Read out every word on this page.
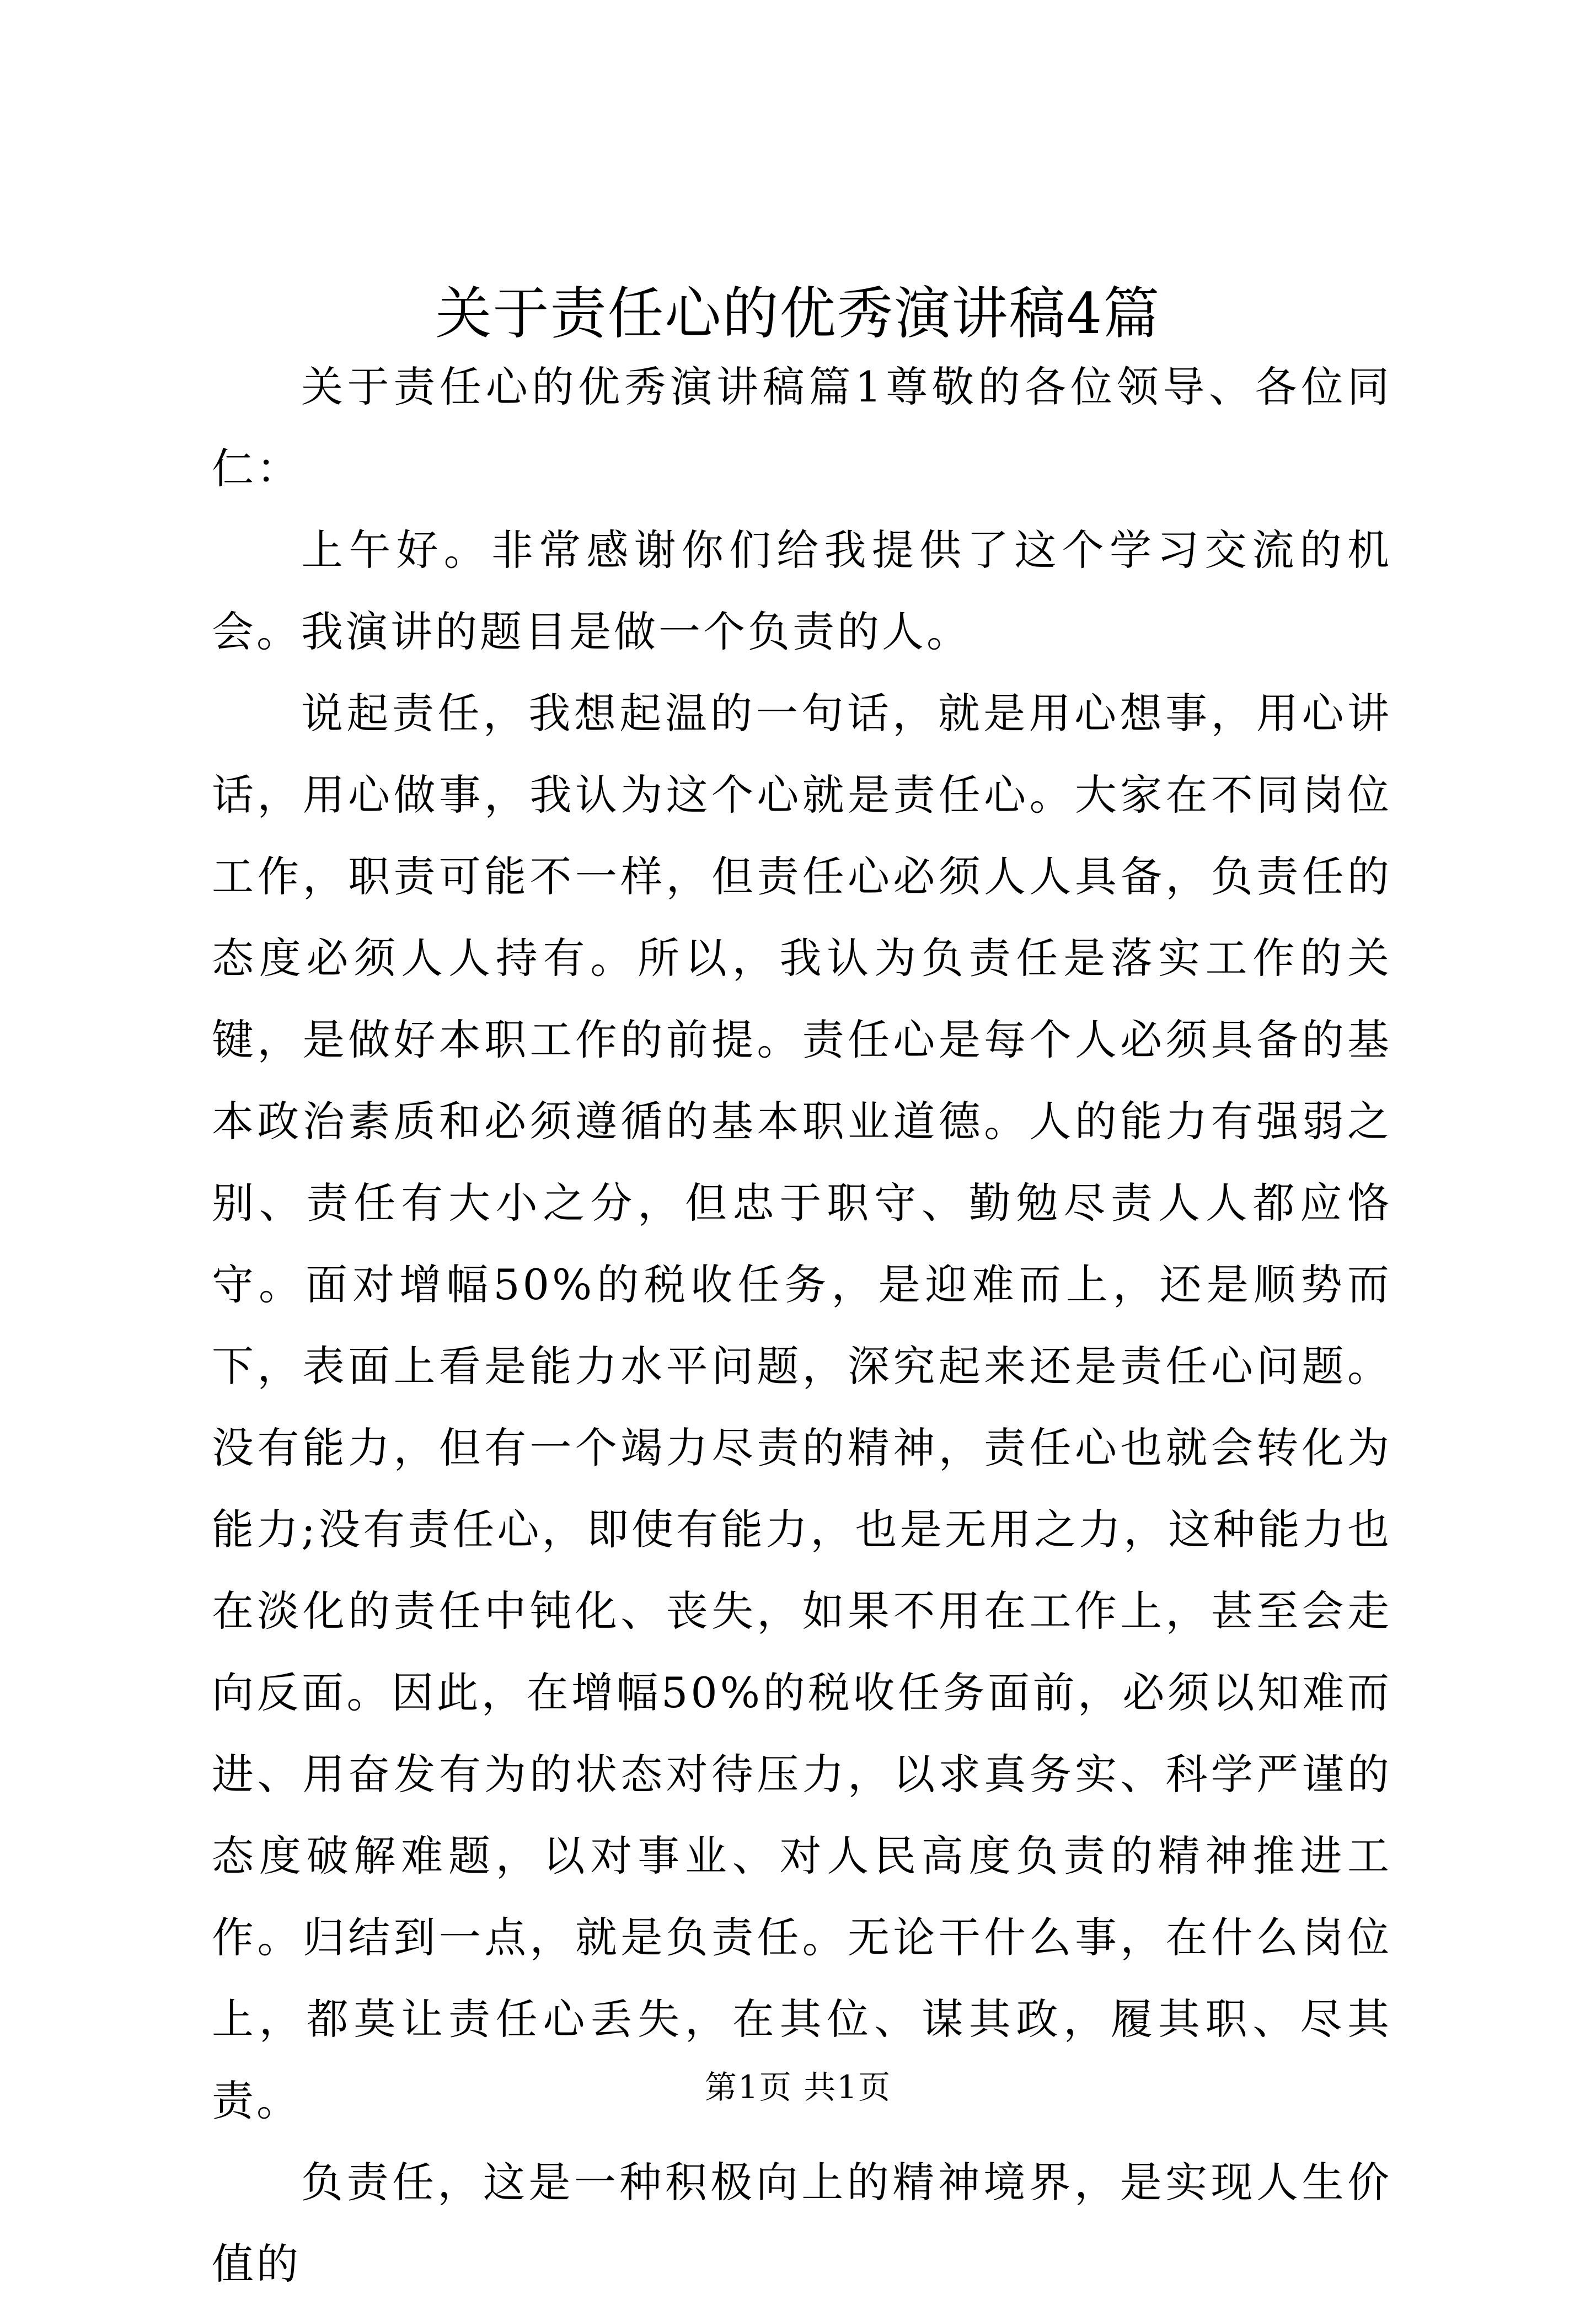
关于责任心的优秀演讲稿4篇

关于责任心的优秀演讲稿篇1尊敬的各位领导、各位同仁：

上午好。非常感谢你们给我提供了这个学习交流的机会。我演讲的题目是做一个负责的人。

说起责任，我想起温的一句话，就是用心想事，用心讲话，用心做事，我认为这个心就是责任心。大家在不同岗位工作，职责可能不一样，但责任心必须人人具备，负责任的态度必须人人持有。所以，我认为负责任是落实工作的关键，是做好本职工作的前提。责任心是每个人必须具备的基本政治素质和必须遵循的基本职业道德。人的能力有强弱之别、责任有大小之分，但忠于职守、勤勉尽责人人都应恪守。面对增幅50%的税收任务，是迎难而上，还是顺势而下，表面上看是能力水平问题，深究起来还是责任心问题。没有能力，但有一个竭力尽责的精神，责任心也就会转化为能力;没有责任心，即使有能力，也是无用之力，这种能力也在淡化的责任中钝化、丧失，如果不用在工作上，甚至会走向反面。因此，在增幅50%的税收任务面前，必须以知难而进、用奋发有为的状态对待压力，以求真务实、科学严谨的态度破解难题，以对事业、对人民高度负责的精神推进工作。归结到一点，就是负责任。无论干什么事，在什么岗位上，都莫让责任心丢失，在其位、谋其政，履其职、尽其责。

负责任，这是一种积极向上的精神境界，是实现人生价值的

第1页 共1页
